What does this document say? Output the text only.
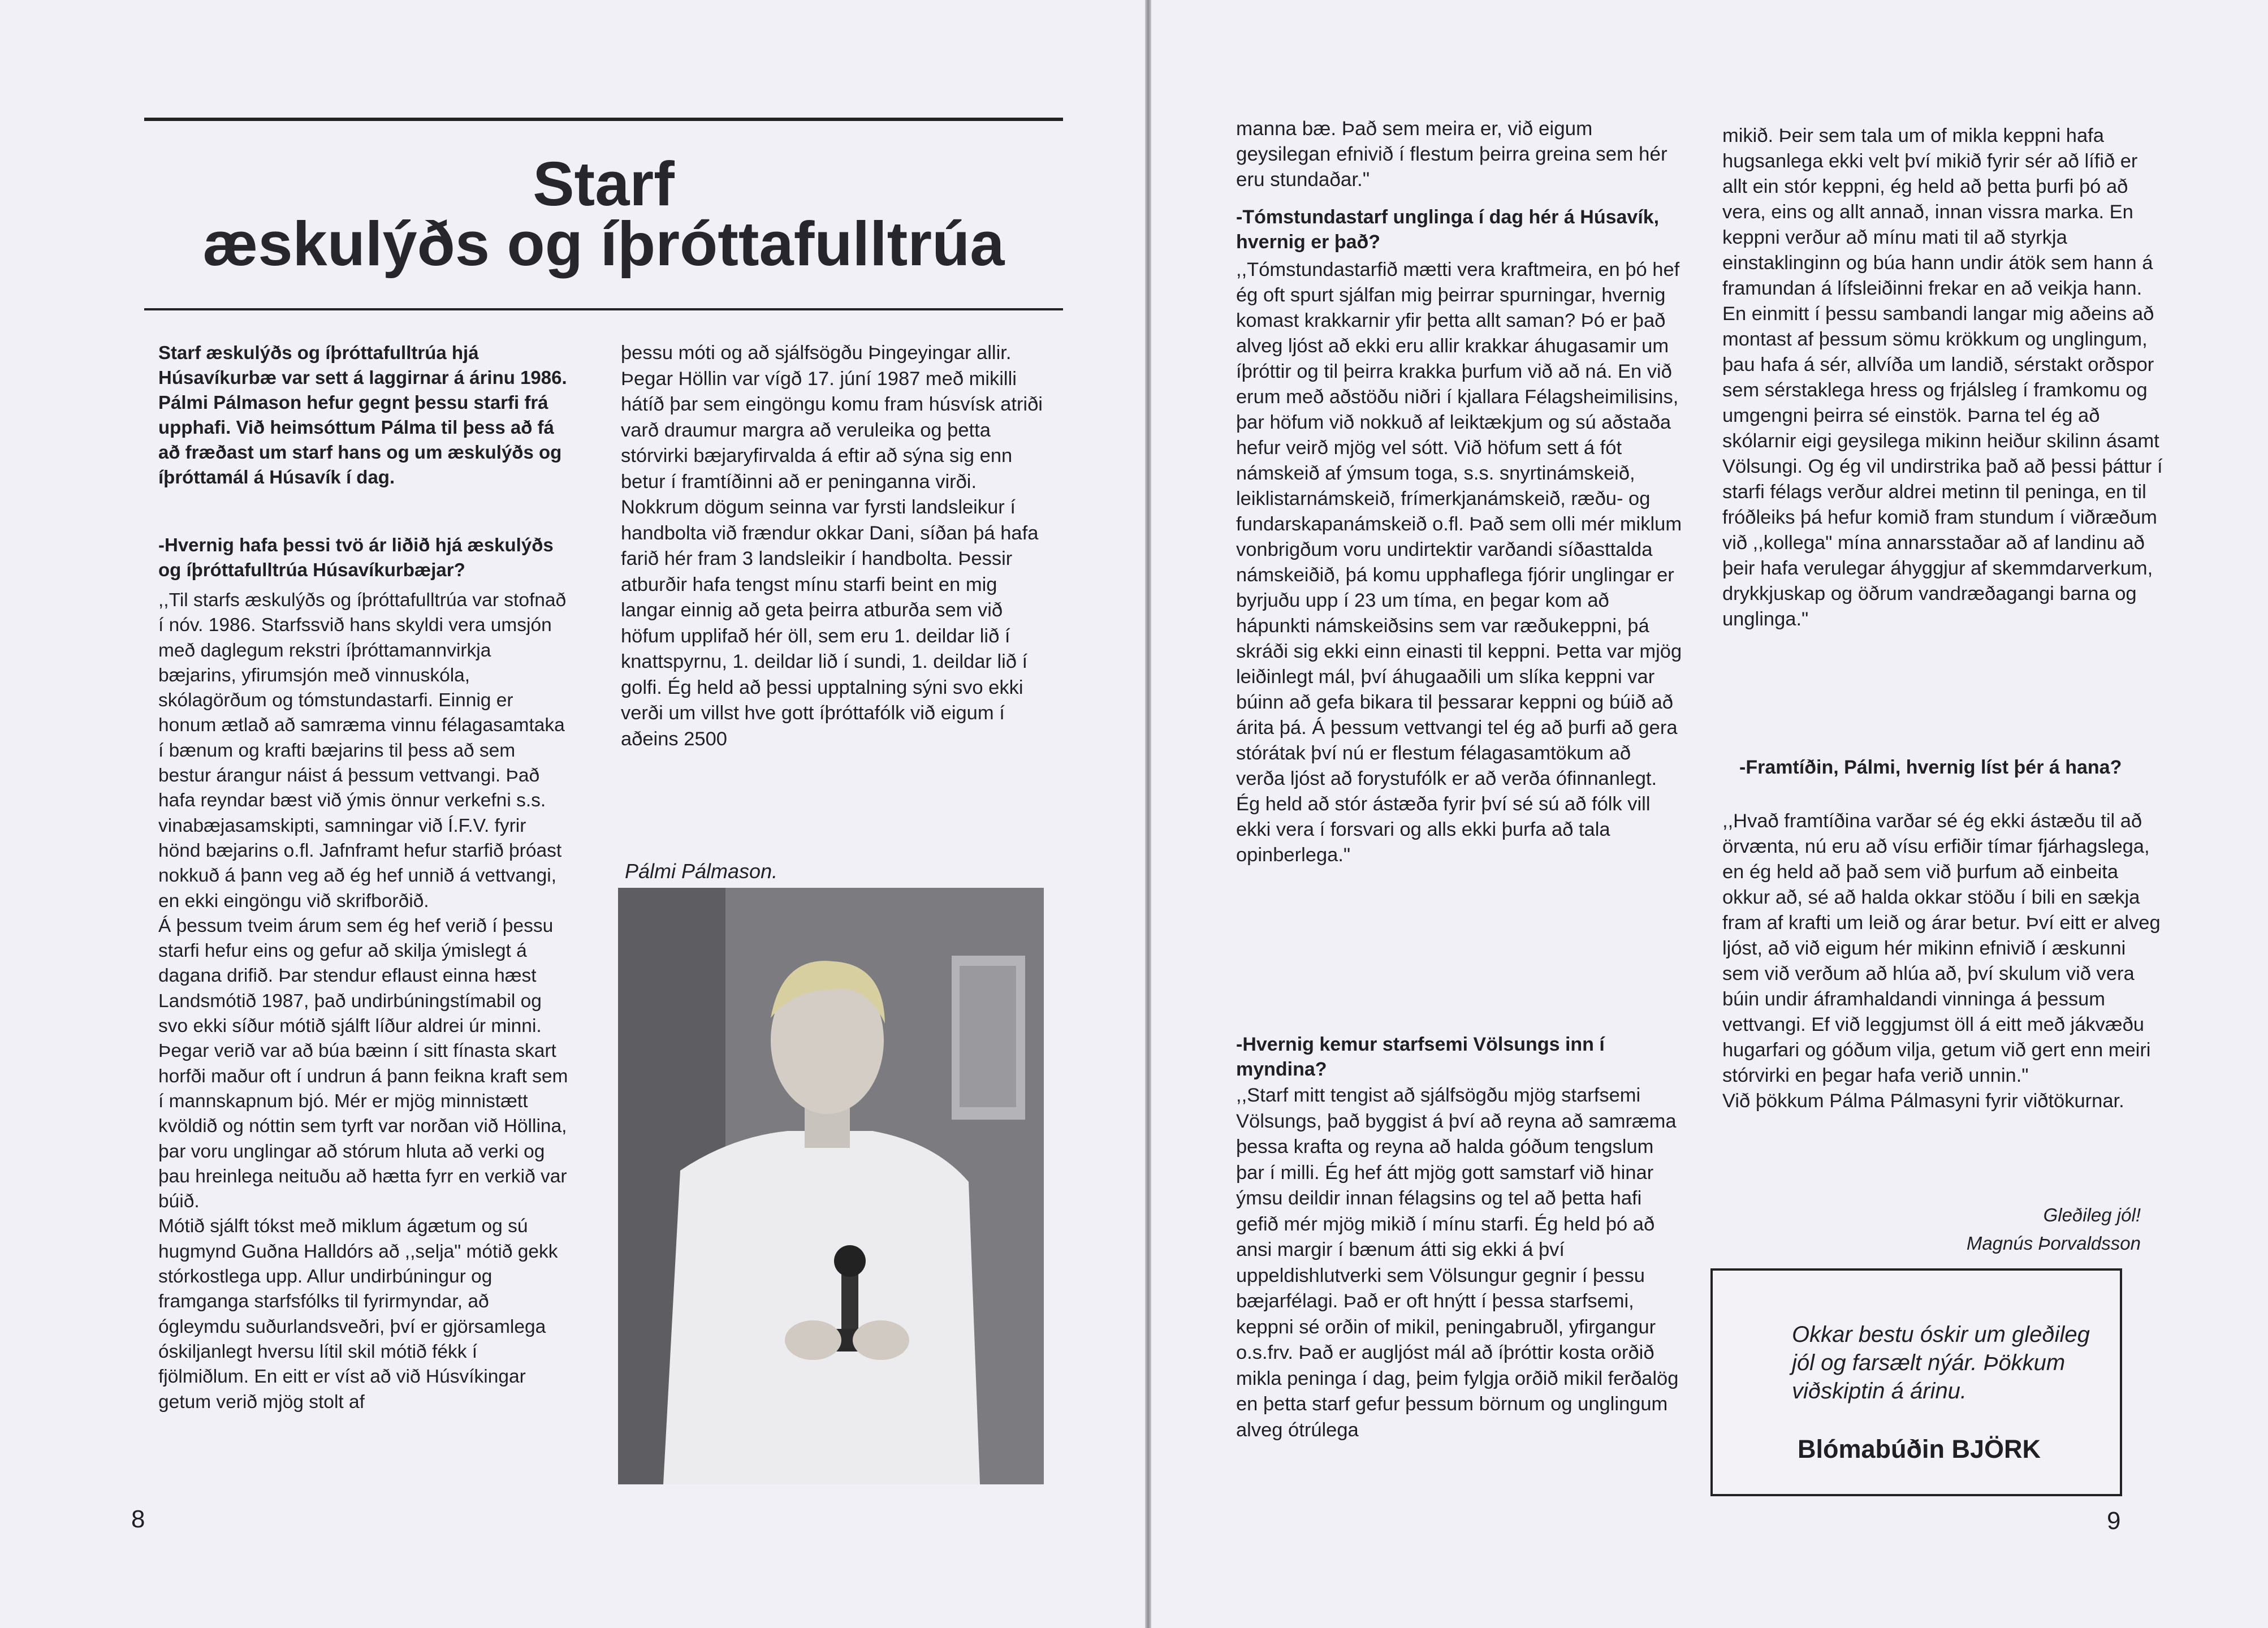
Starf
æskulýðs og íþróttafulltrúa
Starf æskulýðs og íþróttafulltrúa hjá Húsavíkurbæ var sett á laggirnar á árinu 1986.
Pálmi Pálmason hefur gegnt þessu starfi frá upphafi. Við heimsóttum Pálma til þess að fá að fræðast um starf hans og um æskulýðs og íþróttamál á Húsavík í dag.
-Hvernig hafa þessi tvö ár liðið hjá æskulýðs og íþróttafulltrúa Húsavíkurbæjar?
,,Til starfs æskulýðs og íþróttafulltrúa var stofnað í nóv. 1986. Starfssvið hans skyldi vera umsjón með daglegum rekstri íþróttamannvirkja bæjarins, yfirumsjón með vinnuskóla, skólagörðum og tómstundastarfi. Einnig er honum ætlað að samræma vinnu félagasamtaka í bænum og krafti bæjarins til þess að sem bestur árangur náist á þessum vettvangi. Það hafa reyndar bæst við ýmis önnur verkefni s.s. vinabæjasamskipti, samningar við Í.F.V. fyrir hönd bæjarins o.fl. Jafnframt hefur starfið þróast nokkuð á þann veg að ég hef unnið á vettvangi, en ekki eingöngu við skrifborðið.
Á þessum tveim árum sem ég hef verið í þessu starfi hefur eins og gefur að skilja ýmislegt á dagana drifið. Þar stendur eflaust einna hæst Landsmótið 1987, það undirbúningstímabil og svo ekki síður mótið sjálft líður aldrei úr minni. Þegar verið var að búa bæinn í sitt fínasta skart horfði maður oft í undrun á þann feikna kraft sem í mannskapnum bjó. Mér er mjög minnistætt kvöldið og nóttin sem tyrft var norðan við Höllina, þar voru unglingar að stórum hluta að verki og þau hreinlega neituðu að hætta fyrr en verkið var búið.
Mótið sjálft tókst með miklum ágætum og sú hugmynd Guðna Halldórs að ,,selja" mótið gekk stórkostlega upp. Allur undirbúningur og framganga starfsfólks til fyrirmyndar, að ógleymdu suðurlandsveðri, því er gjörsamlega óskiljanlegt hversu lítil skil mótið fékk í fjölmiðlum. En eitt er víst að við Húsvíkingar getum verið mjög stolt af
þessu móti og að sjálfsögðu Þingeyingar allir.
Þegar Höllin var vígð 17. júní 1987 með mikilli hátíð þar sem eingöngu komu fram húsvísk atriði varð draumur margra að veruleika og þetta stórvirki bæjaryfirvalda á eftir að sýna sig enn betur í framtíðinni að er peninganna virði. Nokkrum dögum seinna var fyrsti landsleikur í handbolta við frændur okkar Dani, síðan þá hafa farið hér fram 3 landsleikir í handbolta. Þessir atburðir hafa tengst mínu starfi beint en mig langar einnig að geta þeirra atburða sem við höfum upplifað hér öll, sem eru 1. deildar lið í knattspyrnu, 1. deildar lið í sundi, 1. deildar lið í golfi. Ég held að þessi upptalning sýni svo ekki verði um villst hve gott íþróttafólk við eigum í aðeins 2500
Pálmi Pálmason.
8
manna bæ. Það sem meira er, við eigum geysilegan efnivið í flestum þeirra greina sem hér eru stundaðar."
-Tómstundastarf unglinga í dag hér á Húsavík, hvernig er það?
,,Tómstundastarfið mætti vera kraftmeira, en þó hef ég oft spurt sjálfan mig þeirrar spurningar, hvernig komast krakkarnir yfir þetta allt saman? Þó er það alveg ljóst að ekki eru allir krakkar áhugasamir um íþróttir og til þeirra krakka þurfum við að ná. En við erum með aðstöðu niðri í kjallara Félagsheimilisins, þar höfum við nokkuð af leiktækjum og sú aðstaða hefur veirð mjög vel sótt. Við höfum sett á fót námskeið af ýmsum toga, s.s. snyrtinámskeið, leiklistarnámskeið, frímerkjanámskeið, ræðu- og fundarskapanámskeið o.fl. Það sem olli mér miklum vonbrigðum voru undirtektir varðandi síðasttalda námskeiðið, þá komu upphaflega fjórir unglingar er byrjuðu upp í 23 um tíma, en þegar kom að hápunkti námskeiðsins sem var ræðukeppni, þá skráði sig ekki einn einasti til keppni. Þetta var mjög leiðinlegt mál, því áhugaaðili um slíka keppni var búinn að gefa bikara til þessarar keppni og búið að árita þá. Á þessum vettvangi tel ég að þurfi að gera stórátak því nú er flestum félagasamtökum að verða ljóst að forystufólk er að verða ófinnanlegt. Ég held að stór ástæða fyrir því sé sú að fólk vill ekki vera í forsvari og alls ekki þurfa að tala opinberlega."
-Hvernig kemur starfsemi Völsungs inn í myndina?
,,Starf mitt tengist að sjálfsögðu mjög starfsemi Völsungs, það byggist á því að reyna að samræma þessa krafta og reyna að halda góðum tengslum þar í milli. Ég hef átt mjög gott samstarf við hinar ýmsu deildir innan félagsins og tel að þetta hafi gefið mér mjög mikið í mínu starfi. Ég held þó að ansi margir í bænum átti sig ekki á því uppeldishlutverki sem Völsungur gegnir í þessu bæjarfélagi. Það er oft hnýtt í þessa starfsemi, keppni sé orðin of mikil, peningabruðl, yfirgangur o.s.frv. Það er augljóst mál að íþróttir kosta orðið mikla peninga í dag, þeim fylgja orðið mikil ferðalög en þetta starf gefur þessum börnum og unglingum alveg ótrúlega
mikið. Þeir sem tala um of mikla keppni hafa hugsanlega ekki velt því mikið fyrir sér að lífið er allt ein stór keppni, ég held að þetta þurfi þó að vera, eins og allt annað, innan vissra marka. En keppni verður að mínu mati til að styrkja einstaklinginn og búa hann undir átök sem hann á framundan á lífsleiðinni frekar en að veikja hann.
En einmitt í þessu sambandi langar mig aðeins að montast af þessum sömu krökkum og unglingum, þau hafa á sér, allvíða um landið, sérstakt orðspor sem sérstaklega hress og frjálsleg í framkomu og umgengni þeirra sé einstök. Þarna tel ég að skólarnir eigi geysilega mikinn heiður skilinn ásamt Völsungi. Og ég vil undirstrika það að þessi þáttur í starfi félags verður aldrei metinn til peninga, en til fróðleiks þá hefur komið fram stundum í viðræðum við ,,kollega" mína annarsstaðar að af landinu að þeir hafa verulegar áhyggjur af skemmdarverkum, drykkjuskap og öðrum vandræðagangi barna og unglinga."
-Framtíðin, Pálmi, hvernig líst þér á hana?
,,Hvað framtíðina varðar sé ég ekki ástæðu til að örvænta, nú eru að vísu erfiðir tímar fjárhagslega, en ég held að það sem við þurfum að einbeita okkur að, sé að halda okkar stöðu í bili en sækja fram af krafti um leið og árar betur. Því eitt er alveg ljóst, að við eigum hér mikinn efnivið í æskunni sem við verðum að hlúa að, því skulum við vera búin undir áframhaldandi vinninga á þessum vettvangi. Ef við leggjumst öll á eitt með jákvæðu hugarfari og góðum vilja, getum við gert enn meiri stórvirki en þegar hafa verið unnin."
Við þökkum Pálma Pálmasyni fyrir viðtökurnar.
Gleðileg jól!
Magnús Þorvaldsson
9
Okkar bestu óskir um gleðileg jól og farsælt nýár. Þökkum viðskiptin á árinu.
Blómabúðin BJÖRK
